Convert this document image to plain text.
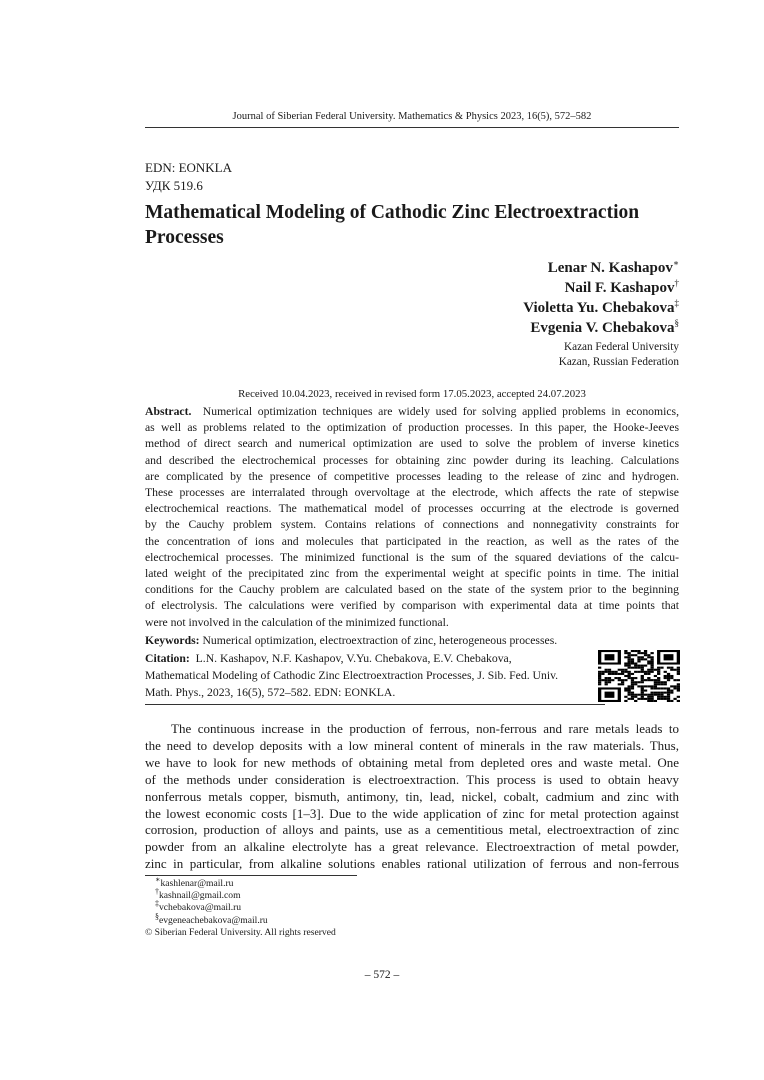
Journal of Siberian Federal University. Mathematics & Physics 2023, 16(5), 572–582
EDN: EONKLA
УДК 519.6
Mathematical Modeling of Cathodic Zinc Electroextraction
Processes
Lenar N. Kashapov∗
Nail F. Kashapov†
Violetta Yu. Chebakova‡
Evgenia V. Chebakova§
Kazan Federal University
Kazan, Russian Federation
Received 10.04.2023, received in revised form 17.05.2023, accepted 24.07.2023
Abstract. Numerical optimization techniques are widely used for solving applied problems in economics,
as well as problems related to the optimization of production processes. In this paper, the Hooke-Jeeves
method of direct search and numerical optimization are used to solve the problem of inverse kinetics
and described the electrochemical processes for obtaining zinc powder during its leaching. Calculations
are complicated by the presence of competitive processes leading to the release of zinc and hydrogen.
These processes are interralated through overvoltage at the electrode, which affects the rate of stepwise
electrochemical reactions. The mathematical model of processes occurring at the electrode is governed
by the Cauchy problem system. Contains relations of connections and nonnegativity constraints for
the concentration of ions and molecules that participated in the reaction, as well as the rates of the
electrochemical processes. The minimized functional is the sum of the squared deviations of the calcu-
lated weight of the precipitated zinc from the experimental weight at specific points in time. The initial
conditions for the Cauchy problem are calculated based on the state of the system prior to the beginning
of electrolysis. The calculations were verified by comparison with experimental data at time points that
were not involved in the calculation of the minimized functional.
Keywords: Numerical optimization, electroextraction of zinc, heterogeneous processes.
Citation: L.N. Kashapov, N.F. Kashapov, V.Yu. Chebakova, E.V. Chebakova,
Mathematical Modeling of Cathodic Zinc Electroextraction Processes, J. Sib. Fed. Univ.
Math. Phys., 2023, 16(5), 572–582. EDN: EONKLA.
The continuous increase in the production of ferrous, non-ferrous and rare metals leads to
the need to develop deposits with a low mineral content of minerals in the raw materials. Thus,
we have to look for new methods of obtaining metal from depleted ores and waste metal. One
of the methods under consideration is electroextraction. This process is used to obtain heavy
nonferrous metals copper, bismuth, antimony, tin, lead, nickel, cobalt, cadmium and zinc with
the lowest economic costs [1–3]. Due to the wide application of zinc for metal protection against
corrosion, production of alloys and paints, use as a cementitious metal, electroextraction of zinc
powder from an alkaline electrolyte has a great relevance. Electroextraction of metal powder,
zinc in particular, from alkaline solutions enables rational utilization of ferrous and non-ferrous
∗kashlenar@mail.ru
†kashnail@gmail.com
‡vchebakova@mail.ru
§evgeneachebakova@mail.ru
© Siberian Federal University. All rights reserved
– 572 –
